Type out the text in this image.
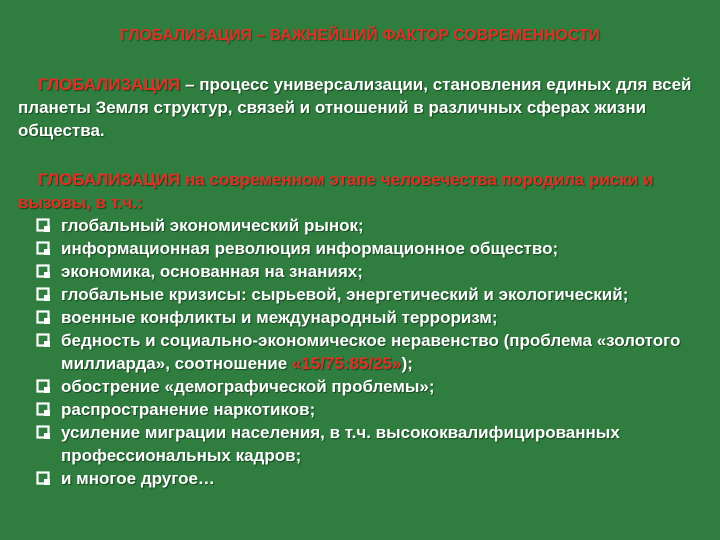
ГЛОБАЛИЗАЦИЯ – ВАЖНЕЙШИЙ ФАКТОР СОВРЕМЕННОСТИ
ГЛОБАЛИЗАЦИЯ – процесс универсализации, становления единых для всей планеты Земля структур, связей и отношений в различных сферах жизни общества.
ГЛОБАЛИЗАЦИЯ на современном этапе человечества породила риски и вызовы, в т.ч.:
глобальный экономический рынок;
информационная революция информационное общество;
экономика, основанная на знаниях;
глобальные кризисы: сырьевой, энергетический и экологический;
военные конфликты и международный терроризм;
бедность и социально-экономическое неравенство (проблема «золотого миллиарда», соотношение «15/75:85/25»);
обострение «демографической проблемы»;
распространение наркотиков;
усиление миграции населения, в т.ч. высококвалифицированных профессиональных кадров;
и многое другое…
